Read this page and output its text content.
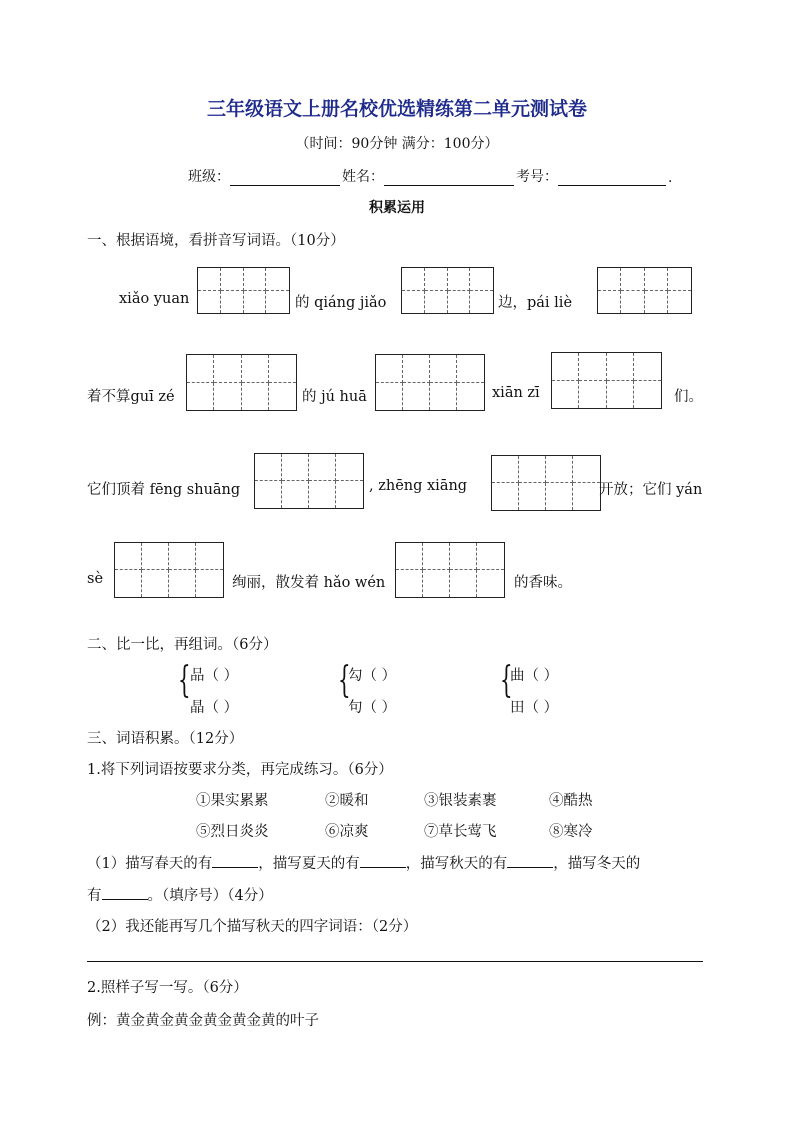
三年级语文上册名校优选精练第二单元测试卷
（时间：90分钟 满分：100分）
班级：	姓名：	考号：	.
积累运用
一、根据语境，看拼音写词语。（10分）
xiǎo yuan	的 qiáng jiǎo	边，pái liè
着不算guī zé	的 jú huā	xiān zī	们。
它们顶着 fēng shuāng	, zhēng xiāng	开放；它们 yán
sè	绚丽，散发着 hǎo wén	的香味。
二、比一比，再组词。（6分）
{ 品（ ）
晶（ ）
{
勾（ ）
句（ ）
{
曲（ ）
田（ ）
三、词语积累。（12分）
1.将下列词语按要求分类，再完成练习。（6分）
①果实累累	②暖和	③银装素裹	④酷热
⑤烈日炎炎	⑥凉爽	⑦草长莺飞	⑧寒冷
（1）描写春天的有	，描写夏天的有	，描写秋天的有	，描写冬天的
有	。（填序号）（4分）
（2）我还能再写几个描写秋天的四字词语：（2分）
2.照样子写一写。（6分）
例：黄金黄金黄金黄金黄金黄的叶子
